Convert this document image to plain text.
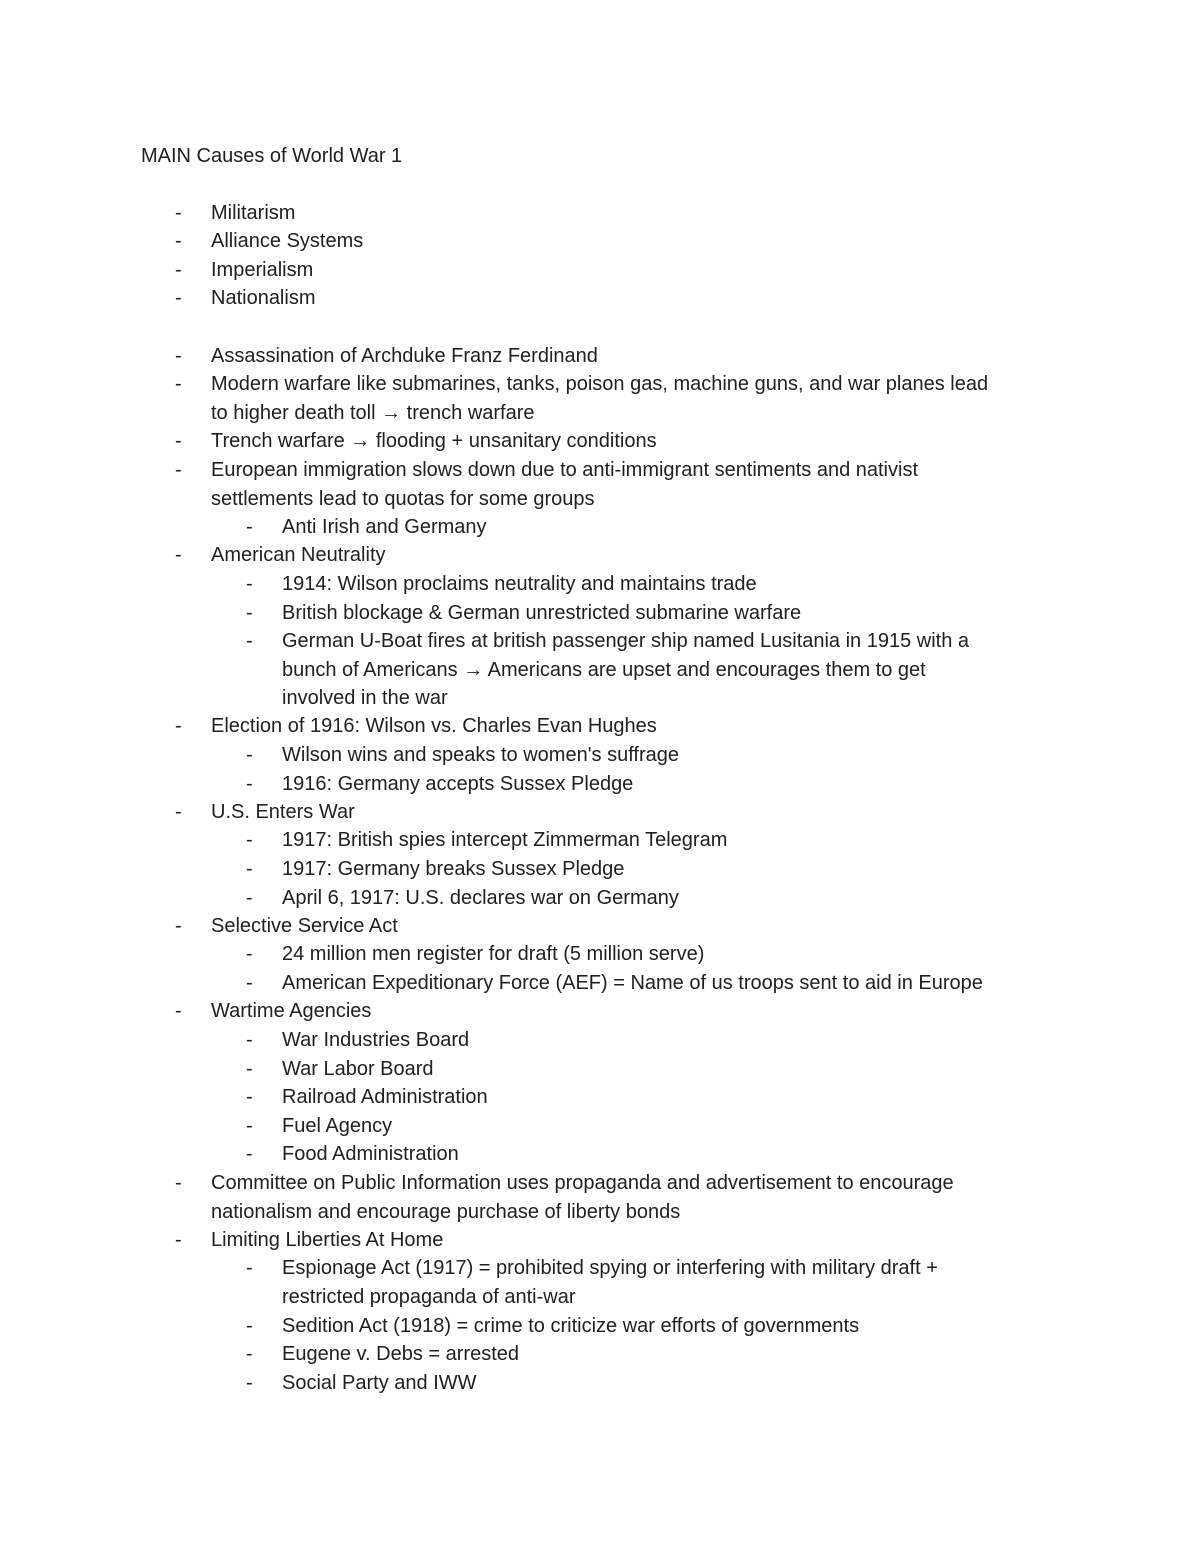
MAIN Causes of World War 1
- Militarism
- Alliance Systems
- Imperialism
- Nationalism
- Assassination of Archduke Franz Ferdinand
- Modern warfare like submarines, tanks, poison gas, machine guns, and war planes lead
to higher death toll → trench warfare
- Trench warfare → flooding + unsanitary conditions
- European immigration slows down due to anti-immigrant sentiments and nativist
settlements lead to quotas for some groups
- Anti Irish and Germany
- American Neutrality
- 1914: Wilson proclaims neutrality and maintains trade
- British blockage & German unrestricted submarine warfare
- German U-Boat fires at british passenger ship named Lusitania in 1915 with a
bunch of Americans → Americans are upset and encourages them to get
involved in the war
- Election of 1916: Wilson vs. Charles Evan Hughes
- Wilson wins and speaks to women's suffrage
- 1916: Germany accepts Sussex Pledge
- U.S. Enters War
- 1917: British spies intercept Zimmerman Telegram
- 1917: Germany breaks Sussex Pledge
- April 6, 1917: U.S. declares war on Germany
- Selective Service Act
- 24 million men register for draft (5 million serve)
- American Expeditionary Force (AEF) = Name of us troops sent to aid in Europe
- Wartime Agencies
- War Industries Board
- War Labor Board
- Railroad Administration
- Fuel Agency
- Food Administration
- Committee on Public Information uses propaganda and advertisement to encourage
nationalism and encourage purchase of liberty bonds
- Limiting Liberties At Home
- Espionage Act (1917) = prohibited spying or interfering with military draft +
restricted propaganda of anti-war
- Sedition Act (1918) = crime to criticize war efforts of governments
- Eugene v. Debs = arrested
- Social Party and IWW
